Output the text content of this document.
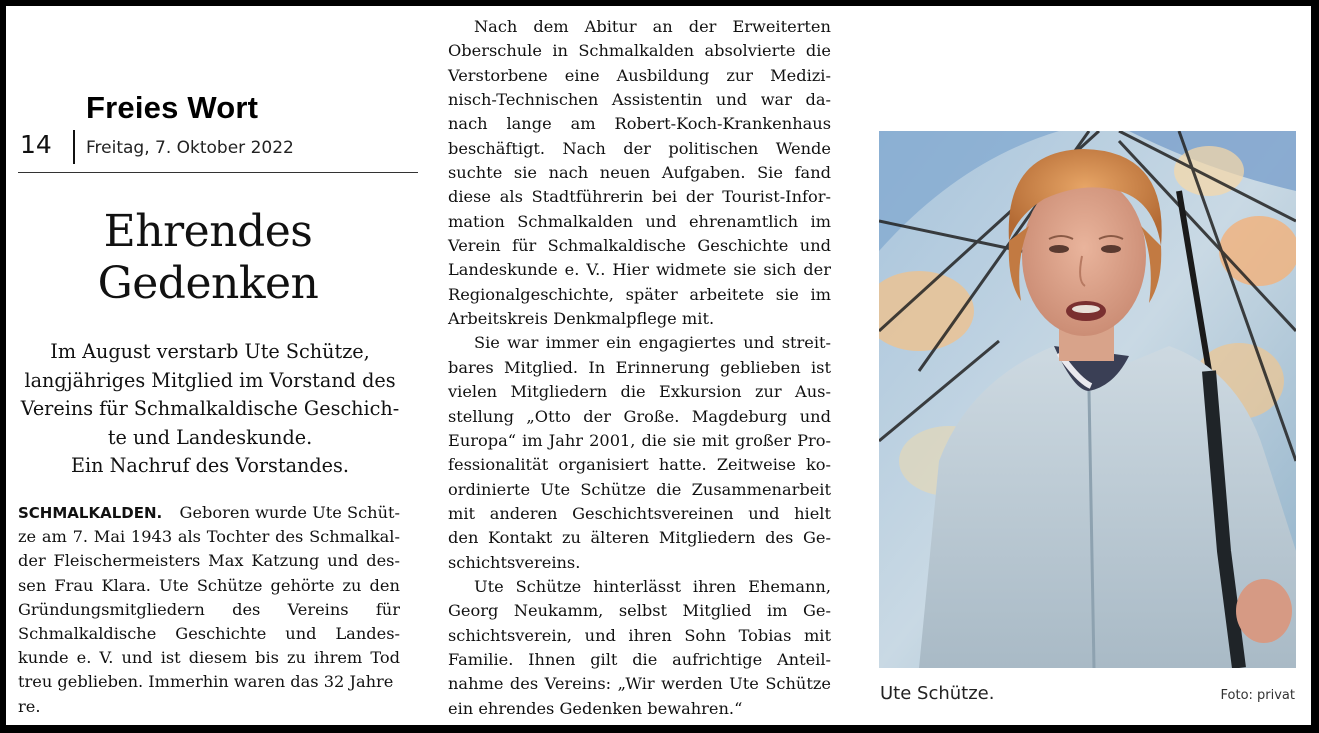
Freies Wort
14 Freitag, 7. Oktober 2022
Ehrendes
Gedenken
Im August verstarb Ute Schütze,
langjähriges Mitglied im Vorstand des
Vereins für Schmalkaldische Geschich-
te und Landeskunde.
Ein Nachruf des Vorstandes.
SCHMALKALDEN. Geboren wurde Ute Schüt-
ze am 7. Mai 1943 als Tochter des Schmalkal-
der Fleischermeisters Max Katzung und des-
sen Frau Klara. Ute Schütze gehörte zu den
Gründungsmitgliedern des Vereins für
Schmalkaldische Geschichte und Landes-
kunde e. V. und ist diesem bis zu ihrem Tod
treu geblieben. Immerhin waren das 32 Jahre
re.
Nach dem Abitur an der Erweiterten
Oberschule in Schmalkalden absolvierte die
Verstorbene eine Ausbildung zur Medizi-
nisch-Technischen Assistentin und war da-
nach lange am Robert-Koch-Krankenhaus
beschäftigt. Nach der politischen Wende
suchte sie nach neuen Aufgaben. Sie fand
diese als Stadtführerin bei der Tourist-Infor-
mation Schmalkalden und ehrenamtlich im
Verein für Schmalkaldische Geschichte und
Landeskunde e. V.. Hier widmete sie sich der
Regionalgeschichte, später arbeitete sie im
Arbeitskreis Denkmalpflege mit.
Sie war immer ein engagiertes und streit-
bares Mitglied. In Erinnerung geblieben ist
vielen Mitgliedern die Exkursion zur Aus-
stellung „Otto der Große. Magdeburg und
Europa“ im Jahr 2001, die sie mit großer Pro-
fessionalität organisiert hatte. Zeitweise ko-
ordinierte Ute Schütze die Zusammenarbeit
mit anderen Geschichtsvereinen und hielt
den Kontakt zu älteren Mitgliedern des Ge-
schichtsvereins.
Ute Schütze hinterlässt ihren Ehemann,
Georg Neukamm, selbst Mitglied im Ge-
schichtsverein, und ihren Sohn Tobias mit
Familie. Ihnen gilt die aufrichtige Anteil-
nahme des Vereins: „Wir werden Ute Schütze
ein ehrendes Gedenken bewahren.“
Ute Schütze.	Foto: privat
